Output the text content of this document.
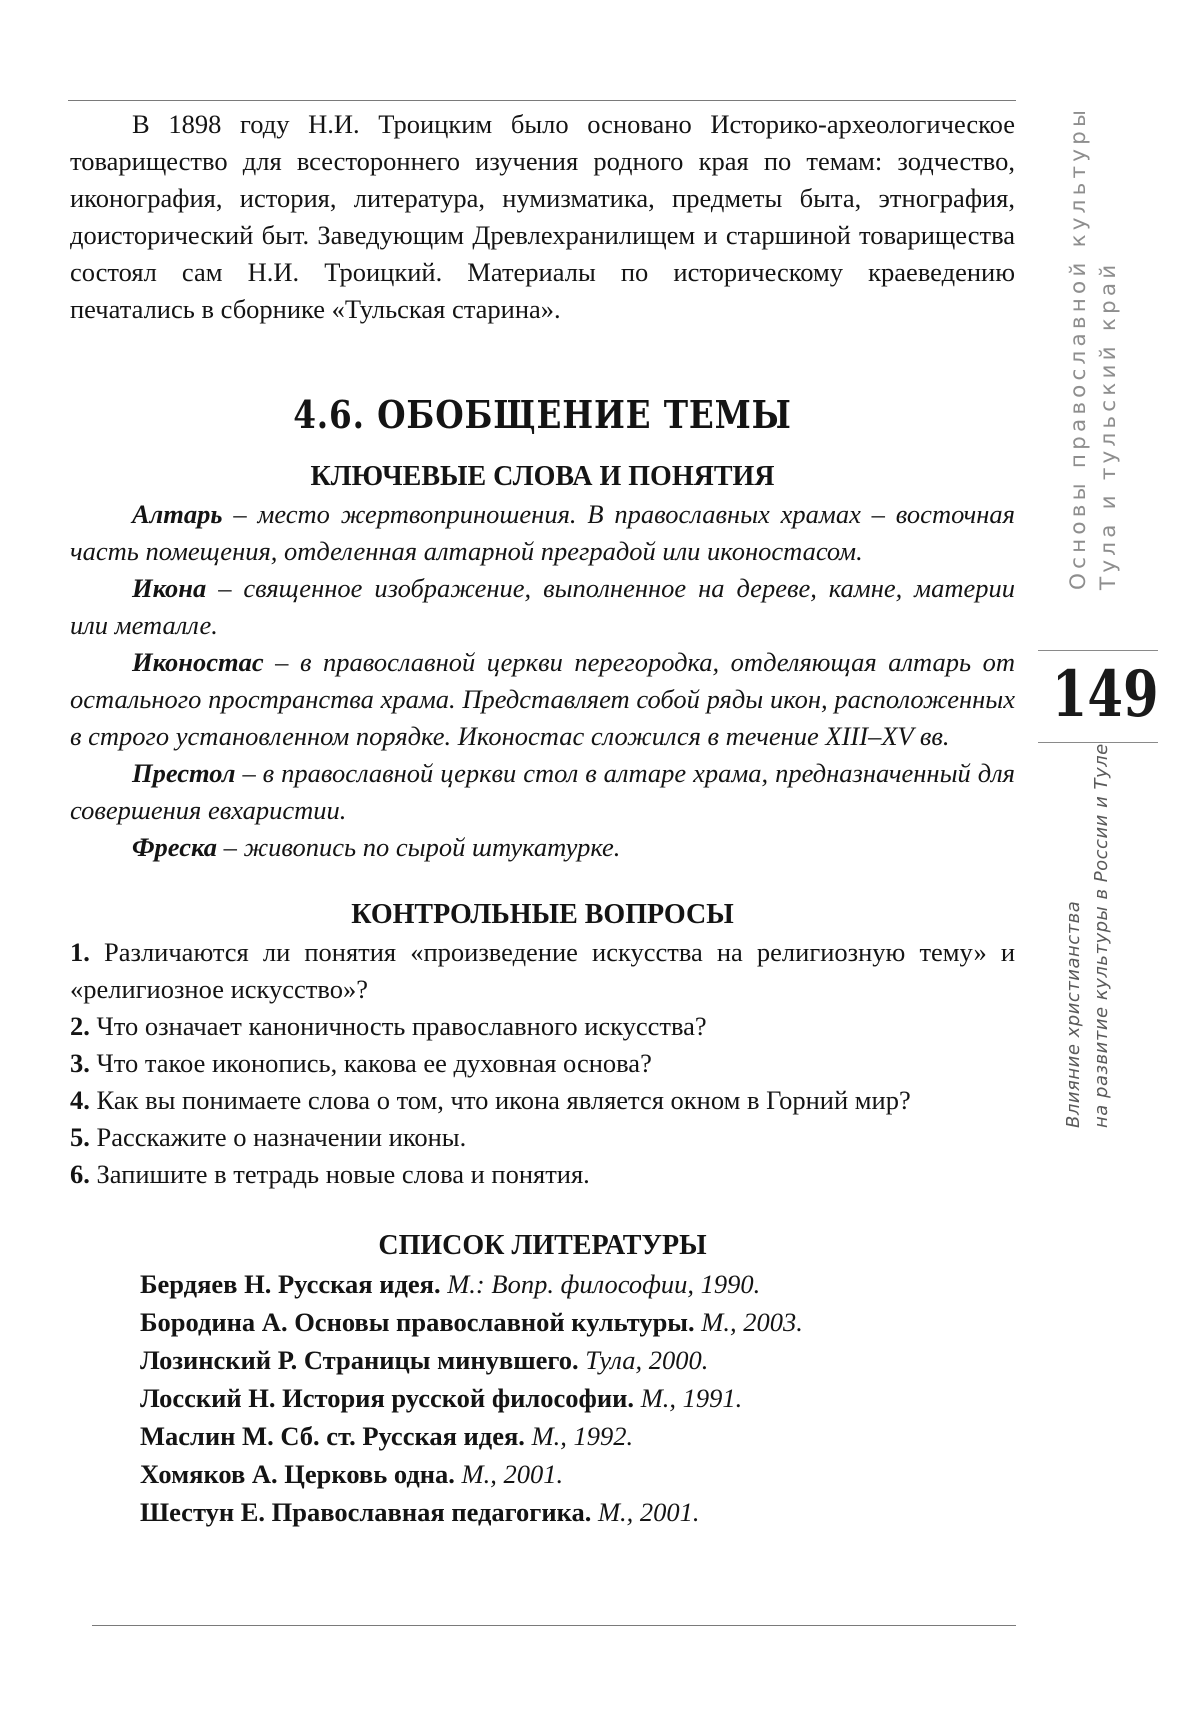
В 1898 году Н.И. Троицким было основано Историко-археологическое товарищество для всестороннего изучения родного края по темам: зодчество, иконография, история, литература, нумизматика, предметы быта, этнография, доисторический быт. Заведующим Древлехранилищем и старшиной товарищества состоял сам Н.И. Троицкий. Материалы по историческому краеведению печатались в сборнике «Тульская старина».

4.6. ОБОБЩЕНИЕ ТЕМЫ
КЛЮЧЕВЫЕ СЛОВА И ПОНЯТИЯ

Алтарь – место жертвоприношения. В православных храмах – восточная часть помещения, отделенная алтарной преградой или иконостасом.

Икона – священное изображение, выполненное на дереве, камне, материи или металле.

Иконостас – в православной церкви перегородка, отделяющая алтарь от остального пространства храма. Представляет собой ряды икон, расположенных в строго установленном порядке. Иконостас сложился в течение XIII–XV вв.

Престол – в православной церкви стол в алтаре храма, предназначенный для совершения евхаристии.

Фреска – живопись по сырой штукатурке.

КОНТРОЛЬНЫЕ ВОПРОСЫ

1. Различаются ли понятия «произведение искусства на религиозную тему» и «религиозное искусство»?

2. Что означает каноничность православного искусства?

3. Что такое иконопись, какова ее духовная основа?

4. Как вы понимаете слова о том, что икона является окном в Горний мир?

5. Расскажите о назначении иконы.

6. Запишите в тетрадь новые слова и понятия.

СПИСОК ЛИТЕРАТУРЫ

Бердяев Н. Русская идея. М.: Вопр. философии, 1990.

Бородина А. Основы православной культуры. М., 2003.

Лозинский Р. Страницы минувшего. Тула, 2000.

Лосский Н. История русской философии. М., 1991.

Маслин М. Сб. ст. Русская идея. М., 1992.

Хомяков А. Церковь одна. М., 2001.

Шестун Е. Православная педагогика. М., 2001.

Основы православной культуры Тула и тульский край
149
Влияние христианства на развитие культуры в России и Туле
